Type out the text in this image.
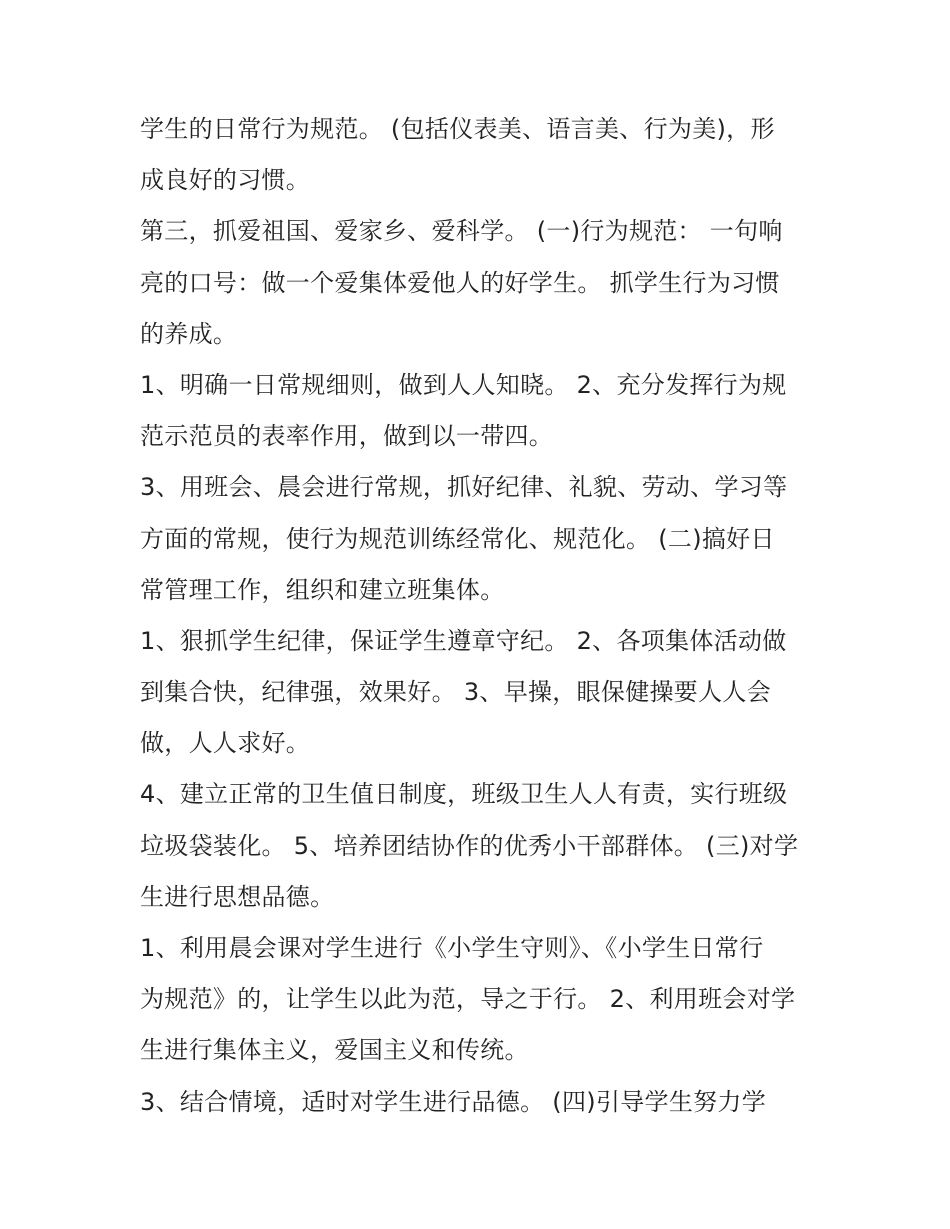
学生的日常行为规范。 (包括仪表美、语言美、行为美)，形
成良好的习惯。
第三，抓爱祖国、爱家乡、爱科学。 (一)行为规范： 一句响
亮的口号：做一个爱集体爱他人的好学生。 抓学生行为习惯
的养成。
1、明确一日常规细则，做到人人知晓。 2、充分发挥行为规
范示范员的表率作用，做到以一带四。
3、用班会、晨会进行常规，抓好纪律、礼貌、劳动、学习等
方面的常规，使行为规范训练经常化、规范化。 (二)搞好日
常管理工作，组织和建立班集体。
1、狠抓学生纪律，保证学生遵章守纪。 2、各项集体活动做
到集合快，纪律强，效果好。 3、早操，眼保健操要人人会
做，人人求好。
4、建立正常的卫生值日制度，班级卫生人人有责，实行班级
垃圾袋装化。 5、培养团结协作的优秀小干部群体。 (三)对学
生进行思想品德。
1、利用晨会课对学生进行《小学生守则》、《小学生日常行
为规范》的，让学生以此为范，导之于行。 2、利用班会对学
生进行集体主义，爱国主义和传统。
3、结合情境，适时对学生进行品德。 (四)引导学生努力学
